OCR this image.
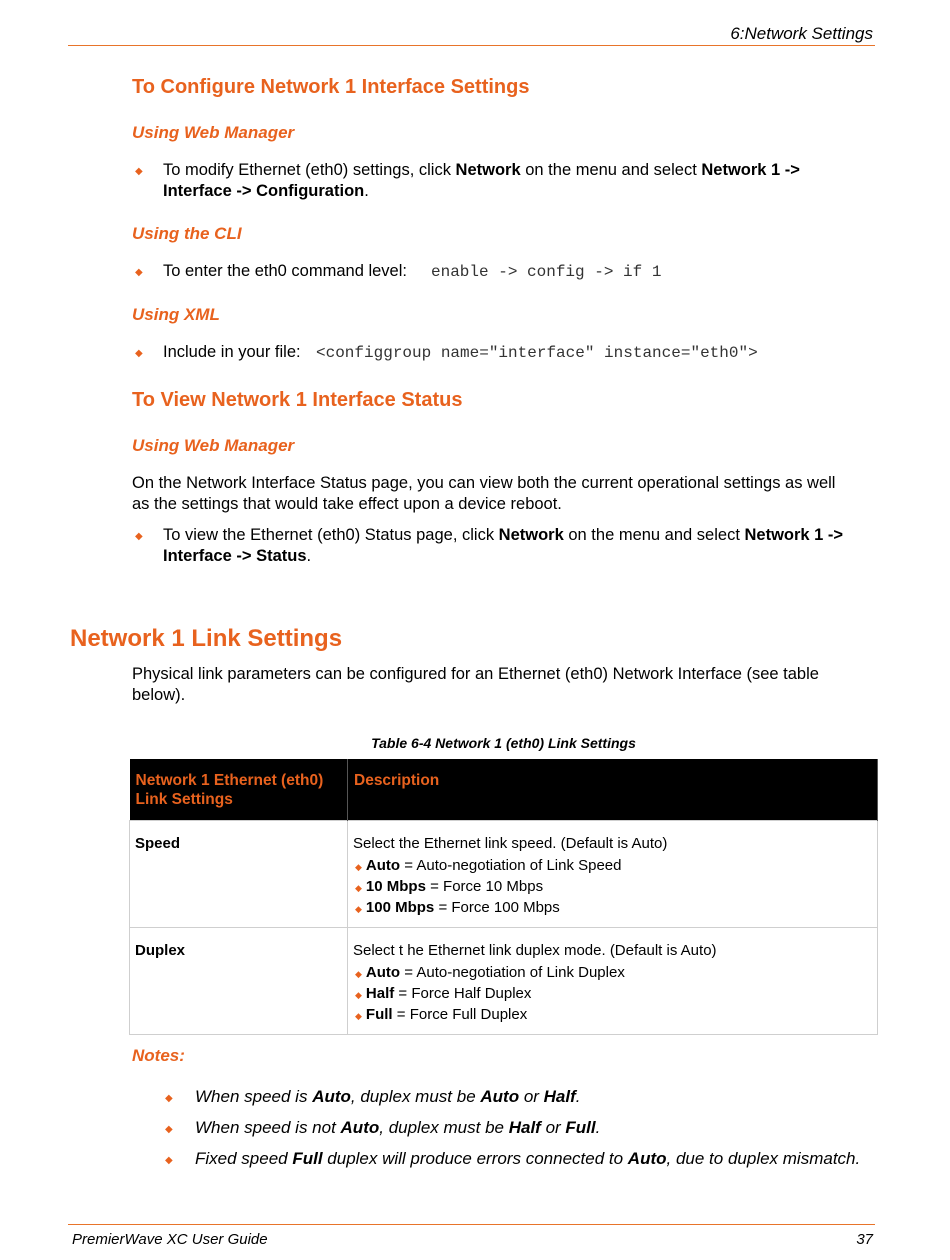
6:Network Settings
To Configure Network 1 Interface Settings
Using Web Manager
◆ To modify Ethernet (eth0) settings, click Network on the menu and select Network 1 ->
Interface -> Configuration.
Using the CLI
◆ To enter the eth0 command level: enable -> config -> if 1
Using XML
◆ Include in your file: <configgroup name="interface" instance="eth0">
To View Network 1 Interface Status
Using Web Manager
On the Network Interface Status page, you can view both the current operational settings as well
as the settings that would take effect upon a device reboot.
◆ To view the Ethernet (eth0) Status page, click Network on the menu and select Network 1 ->
Interface -> Status.
Network 1 Link Settings
Physical link parameters can be configured for an Ethernet (eth0) Network Interface (see table
below).
Table 6-4 Network 1 (eth0) Link Settings
Network 1 Ethernet (eth0)
Link Settings	Description
Speed	Select the Ethernet link speed. (Default is Auto)
◆ Auto = Auto-negotiation of Link Speed
◆ 10 Mbps = Force 10 Mbps
◆ 100 Mbps = Force 100 Mbps

Duplex	Select t he Ethernet link duplex mode. (Default is Auto)
◆ Auto = Auto-negotiation of Link Duplex
◆ Half = Force Half Duplex
◆ Full = Force Full Duplex
Notes:
◆ When speed is Auto, duplex must be Auto or Half.
◆ When speed is not Auto, duplex must be Half or Full.
◆ Fixed speed Full duplex will produce errors connected to Auto, due to duplex mismatch.
PremierWave XC User Guide	37
